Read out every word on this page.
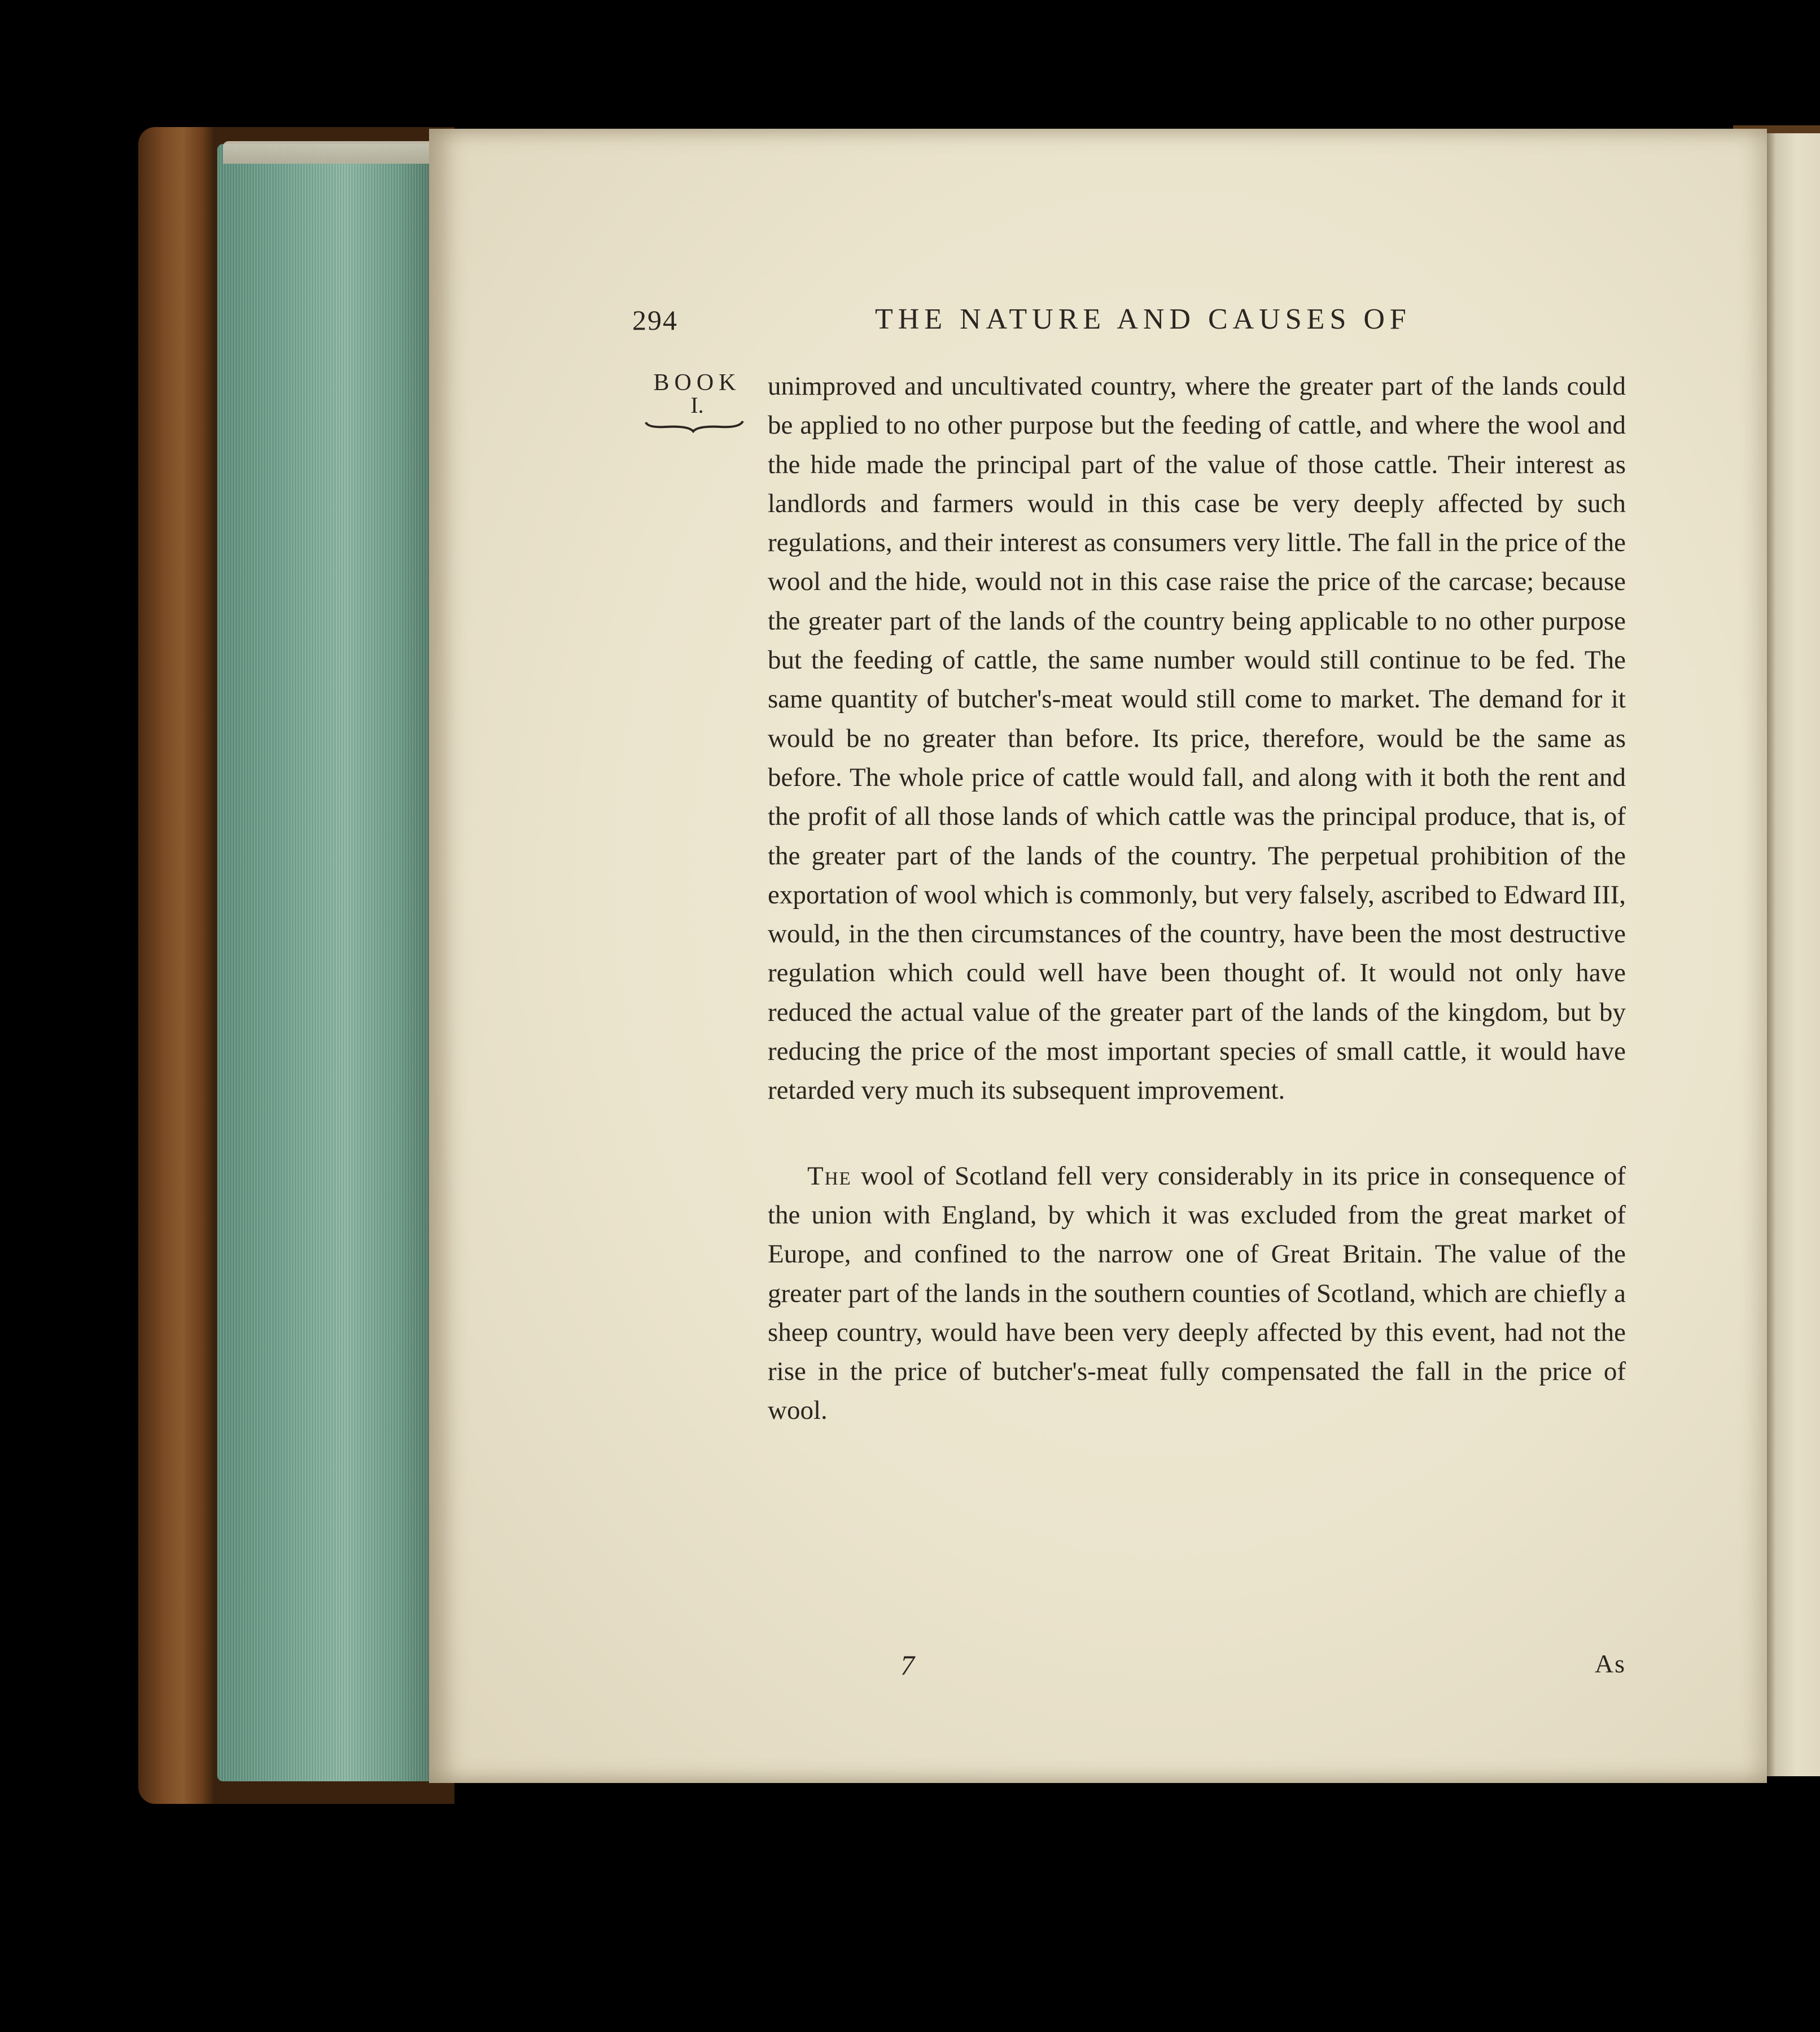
294	THE NATURE AND CAUSES OF
BOOK
I.

unimproved and uncultivated country, where the greater part of the lands could be applied to no other purpose but the feeding of cattle, and where the wool and the hide made the principal part of the value of those cattle. Their interest as landlords and farmers would in this case be very deeply affected by such regulations, and their interest as consumers very little. The fall in the price of the wool and the hide, would not in this case raise the price of the carcase; because the greater part of the lands of the country being applicable to no other purpose but the feeding of cattle, the same number would still continue to be fed. The same quantity of butcher's-meat would still come to market. The demand for it would be no greater than before. Its price, therefore, would be the same as before. The whole price of cattle would fall, and along with it both the rent and the profit of all those lands of which cattle was the principal produce, that is, of the greater part of the lands of the country. The perpetual prohibition of the exportation of wool which is commonly, but very falsely, ascribed to Edward III, would, in the then circumstances of the country, have been the most destructive regulation which could well have been thought of. It would not only have reduced the actual value of the greater part of the lands of the kingdom, but by reducing the price of the most important species of small cattle, it would have retarded very much its subsequent improvement.

The wool of Scotland fell very considerably in its price in consequence of the union with England, by which it was excluded from the great market of Europe, and confined to the narrow one of Great Britain. The value of the greater part of the lands in the southern counties of Scotland, which are chiefly a sheep country, would have been very deeply affected by this event, had not the rise in the price of butcher's-meat fully compensated the fall in the price of wool.

7	As
